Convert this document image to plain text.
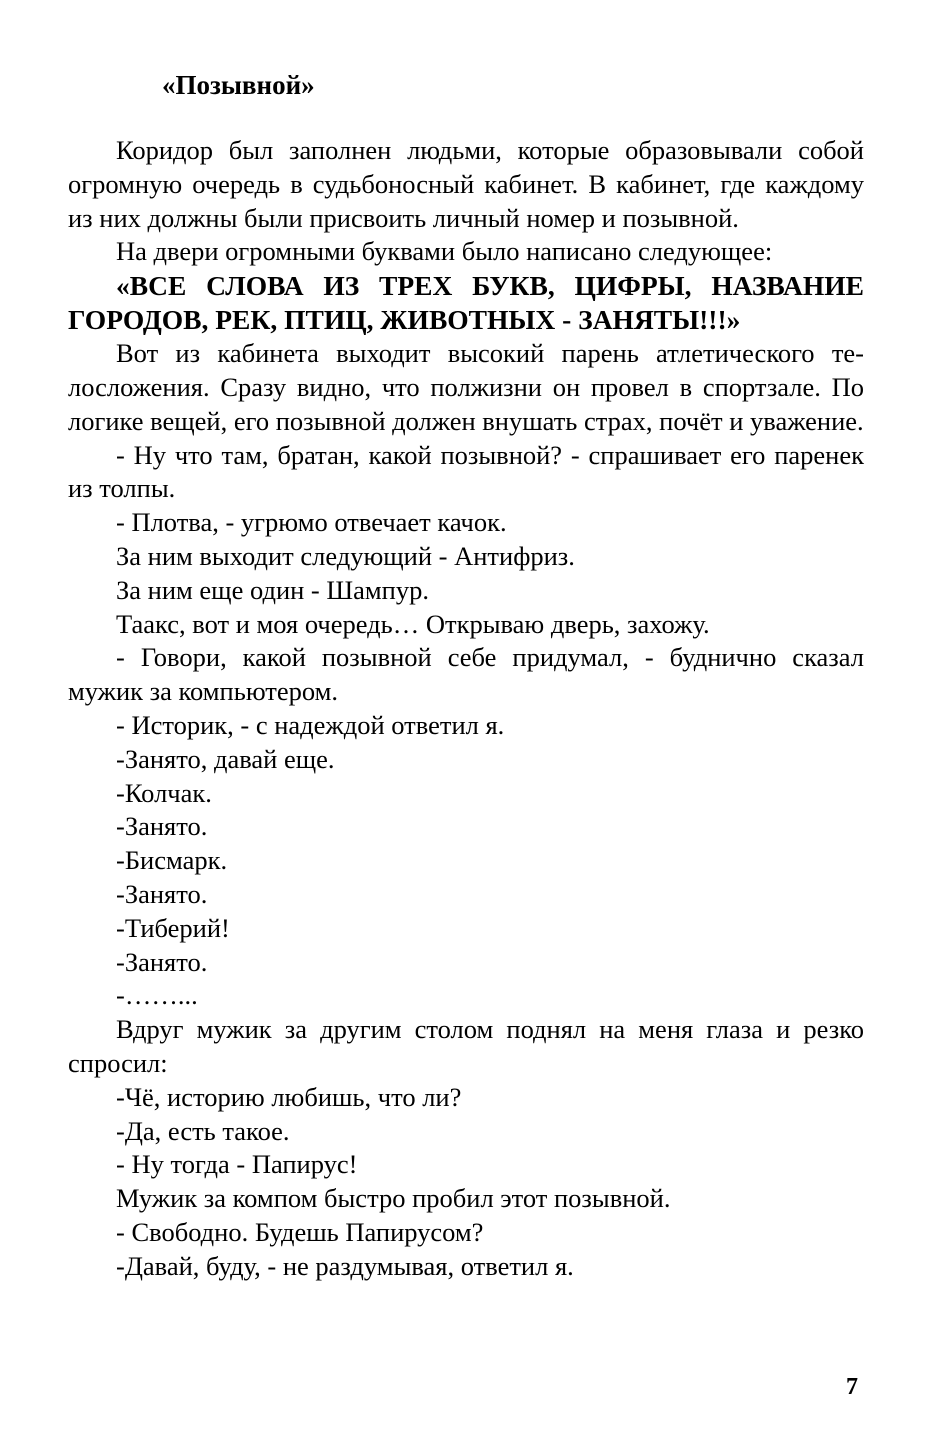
«Позывной»

Коридор был заполнен людьми, которые образовывали собой огромную очередь в судьбоносный кабинет. В кабинет, где каждому из них должны были присвоить личный номер и позывной.

На двери огромными буквами было написано следующее:

«ВСЕ СЛОВА ИЗ ТРЕХ БУКВ, ЦИФРЫ, НАЗВАНИЕ ГОРОДОВ, РЕК, ПТИЦ, ЖИВОТНЫХ - ЗАНЯТЫ!!!»

Вот из кабинета выходит высокий парень атлетического телосложения. Сразу видно, что полжизни он провел в спортзале. По логике вещей, его позывной должен внушать страх, почёт и уважение.

- Ну что там, братан, какой позывной? - спрашивает его паренек из толпы.

- Плотва, - угрюмо отвечает качок.

За ним выходит следующий - Антифриз.

За ним еще один - Шампур.

Таакс, вот и моя очередь… Открываю дверь, захожу.

- Говори, какой позывной себе придумал, - буднично сказал мужик за компьютером.

- Историк, - с надеждой ответил я.

-Занято, давай еще.

-Колчак.

-Занято.

-Бисмарк.

-Занято.

-Тиберий!

-Занято.

-……...

Вдруг мужик за другим столом поднял на меня глаза и резко спросил:

-Чё, историю любишь, что ли?

-Да, есть такое.

- Ну тогда - Папирус!

Мужик за компом быстро пробил этот позывной.

- Свободно. Будешь Папирусом?

-Давай, буду, - не раздумывая, ответил я.

7
